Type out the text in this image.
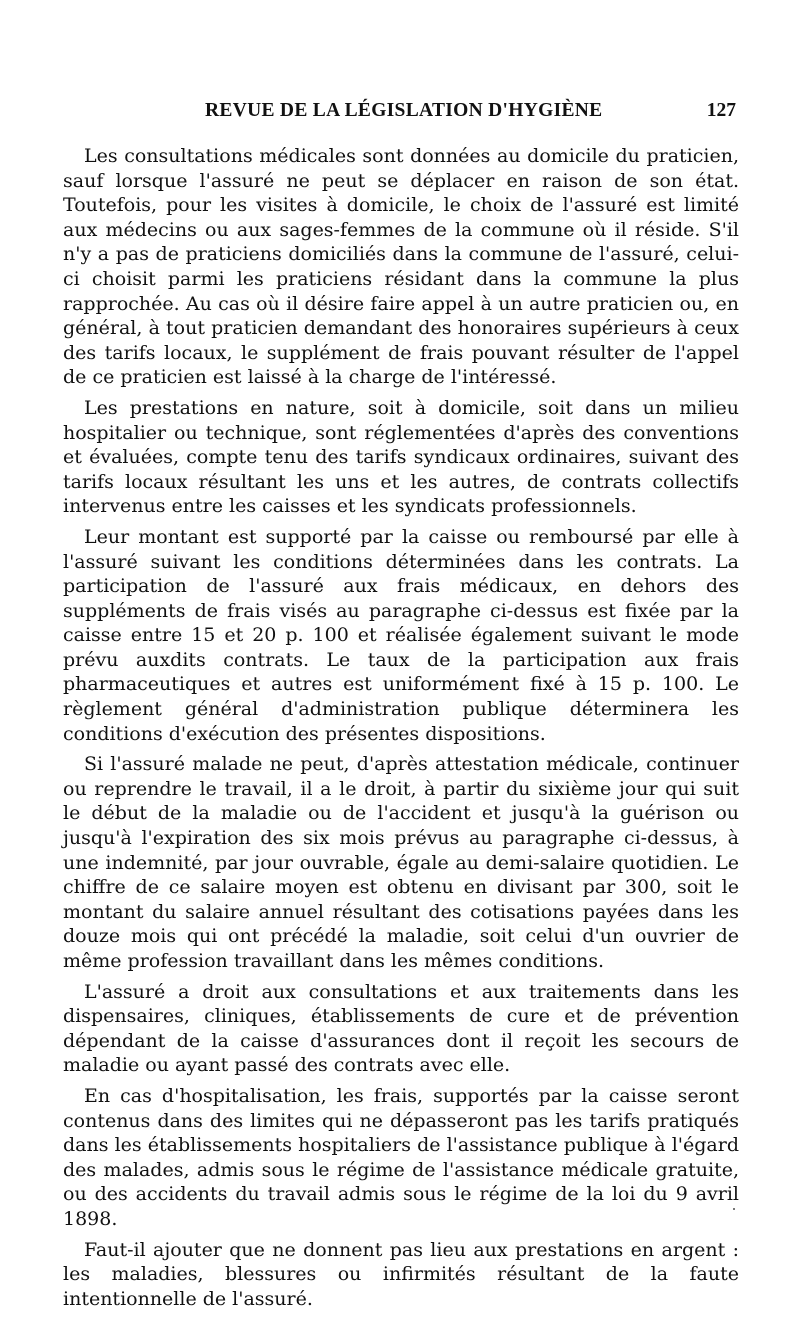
REVUE DE LA LÉGISLATION D'HYGIÈNE	127

Les consultations médicales sont données au domicile du praticien, sauf lorsque l'assuré ne peut se déplacer en raison de son état. Toutefois, pour les visites à domicile, le choix de l'assuré est limité aux médecins ou aux sages-femmes de la commune où il réside. S'il n'y a pas de praticiens domiciliés dans la commune de l'assuré, celui-ci choisit parmi les praticiens résidant dans la commune la plus rapprochée. Au cas où il désire faire appel à un autre praticien ou, en général, à tout praticien demandant des honoraires supérieurs à ceux des tarifs locaux, le supplément de frais pouvant résulter de l'appel de ce praticien est laissé à la charge de l'intéressé.

Les prestations en nature, soit à domicile, soit dans un milieu hospitalier ou technique, sont réglementées d'après des conventions et évaluées, compte tenu des tarifs syndicaux ordinaires, suivant des tarifs locaux résultant les uns et les autres, de contrats collectifs intervenus entre les caisses et les syndicats professionnels.

Leur montant est supporté par la caisse ou remboursé par elle à l'assuré suivant les conditions déterminées dans les contrats. La participation de l'assuré aux frais médicaux, en dehors des suppléments de frais visés au paragraphe ci-dessus est fixée par la caisse entre 15 et 20 p. 100 et réalisée également suivant le mode prévu auxdits contrats. Le taux de la participation aux frais pharmaceutiques et autres est uniformément fixé à 15 p. 100. Le règlement général d'administration publique déterminera les conditions d'exécution des présentes dispositions.

Si l'assuré malade ne peut, d'après attestation médicale, continuer ou reprendre le travail, il a le droit, à partir du sixième jour qui suit le début de la maladie ou de l'accident et jusqu'à la guérison ou jusqu'à l'expiration des six mois prévus au paragraphe ci-dessus, à une indemnité, par jour ouvrable, égale au demi-salaire quotidien. Le chiffre de ce salaire moyen est obtenu en divisant par 300, soit le montant du salaire annuel résultant des cotisations payées dans les douze mois qui ont précédé la maladie, soit celui d'un ouvrier de même profession travaillant dans les mêmes conditions.

L'assuré a droit aux consultations et aux traitements dans les dispensaires, cliniques, établissements de cure et de prévention dépendant de la caisse d'assurances dont il reçoit les secours de maladie ou ayant passé des contrats avec elle.

En cas d'hospitalisation, les frais, supportés par la caisse seront contenus dans des limites qui ne dépasseront pas les tarifs pratiqués dans les établissements hospitaliers de l'assistance publique à l'égard des malades, admis sous le régime de l'assistance médicale gratuite, ou des accidents du travail admis sous le régime de la loi du 9 avril 1898.

Faut-il ajouter que ne donnent pas lieu aux prestations en argent : les maladies, blessures ou infirmités résultant de la faute intentionnelle de l'assuré.
